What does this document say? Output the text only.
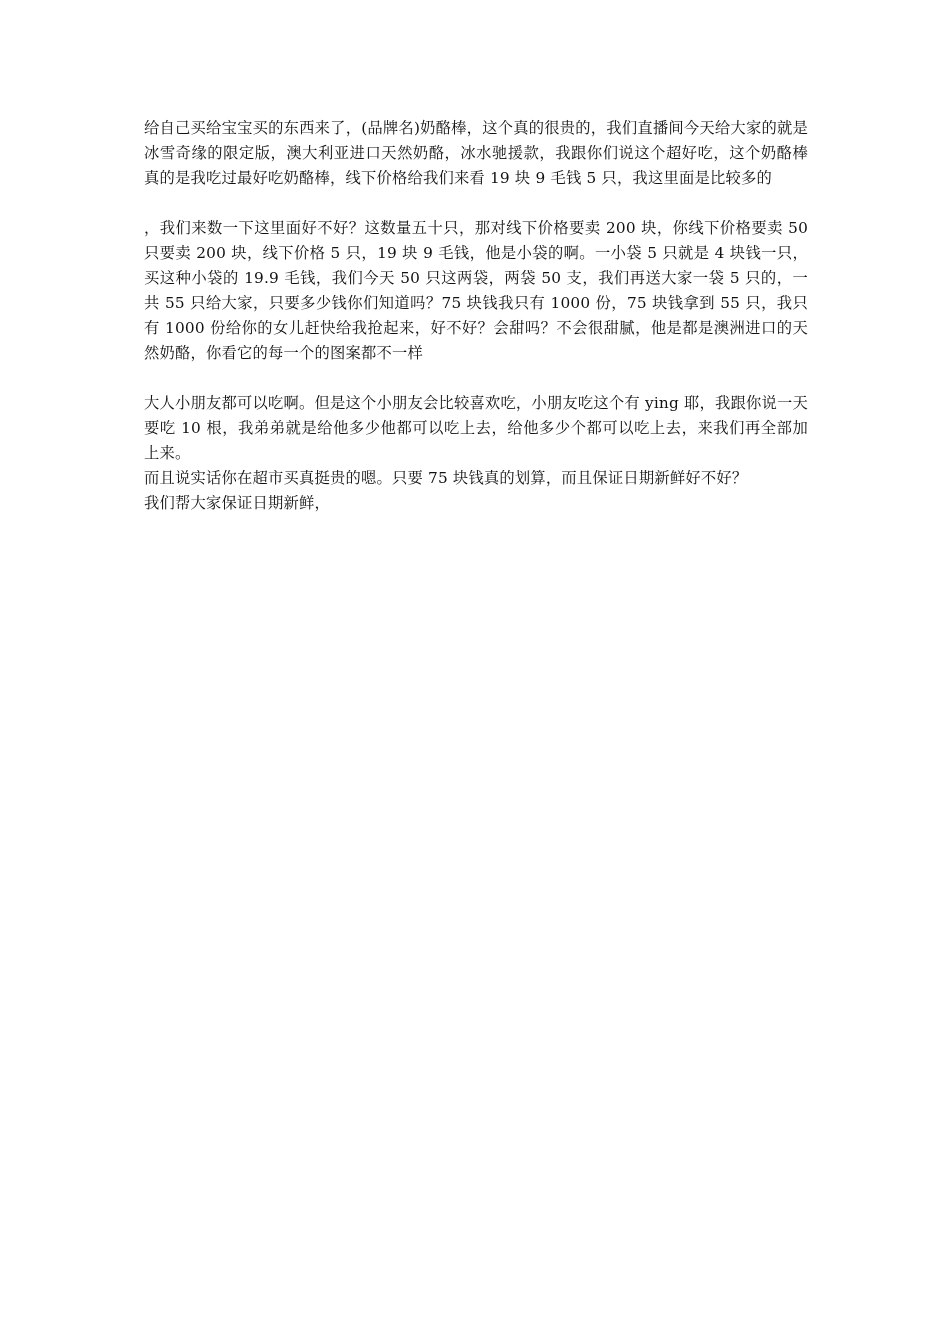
给自己买给宝宝买的东西来了，(品牌名)奶酪棒，这个真的很贵的，我们直播间今天给大家的就是冰雪奇缘的限定版，澳大利亚进口天然奶酪，冰水驰援款，我跟你们说这个超好吃，这个奶酪棒真的是我吃过最好吃奶酪棒，线下价格给我们来看 19 块 9 毛钱 5 只，我这里面是比较多的

，我们来数一下这里面好不好？这数量五十只，那对线下价格要卖 200 块，你线下价格要卖 50 只要卖 200 块，线下价格 5 只，19 块 9 毛钱，他是小袋的啊。一小袋 5 只就是 4 块钱一只，买这种小袋的 19.9 毛钱，我们今天 50 只这两袋，两袋 50 支，我们再送大家一袋 5 只的，一共 55 只给大家，只要多少钱你们知道吗？75 块钱我只有 1000 份，75 块钱拿到 55 只，我只有 1000 份给你的女儿赶快给我抢起来，好不好？会甜吗？不会很甜腻，他是都是澳洲进口的天然奶酪，你看它的每一个的图案都不一样

大人小朋友都可以吃啊。但是这个小朋友会比较喜欢吃，小朋友吃这个有 ying 耶，我跟你说一天要吃 10 根，我弟弟就是给他多少他都可以吃上去，给他多少个都可以吃上去，来我们再全部加上来。

而且说实话你在超市买真挺贵的嗯。只要 75 块钱真的划算，而且保证日期新鲜好不好？

我们帮大家保证日期新鲜，
